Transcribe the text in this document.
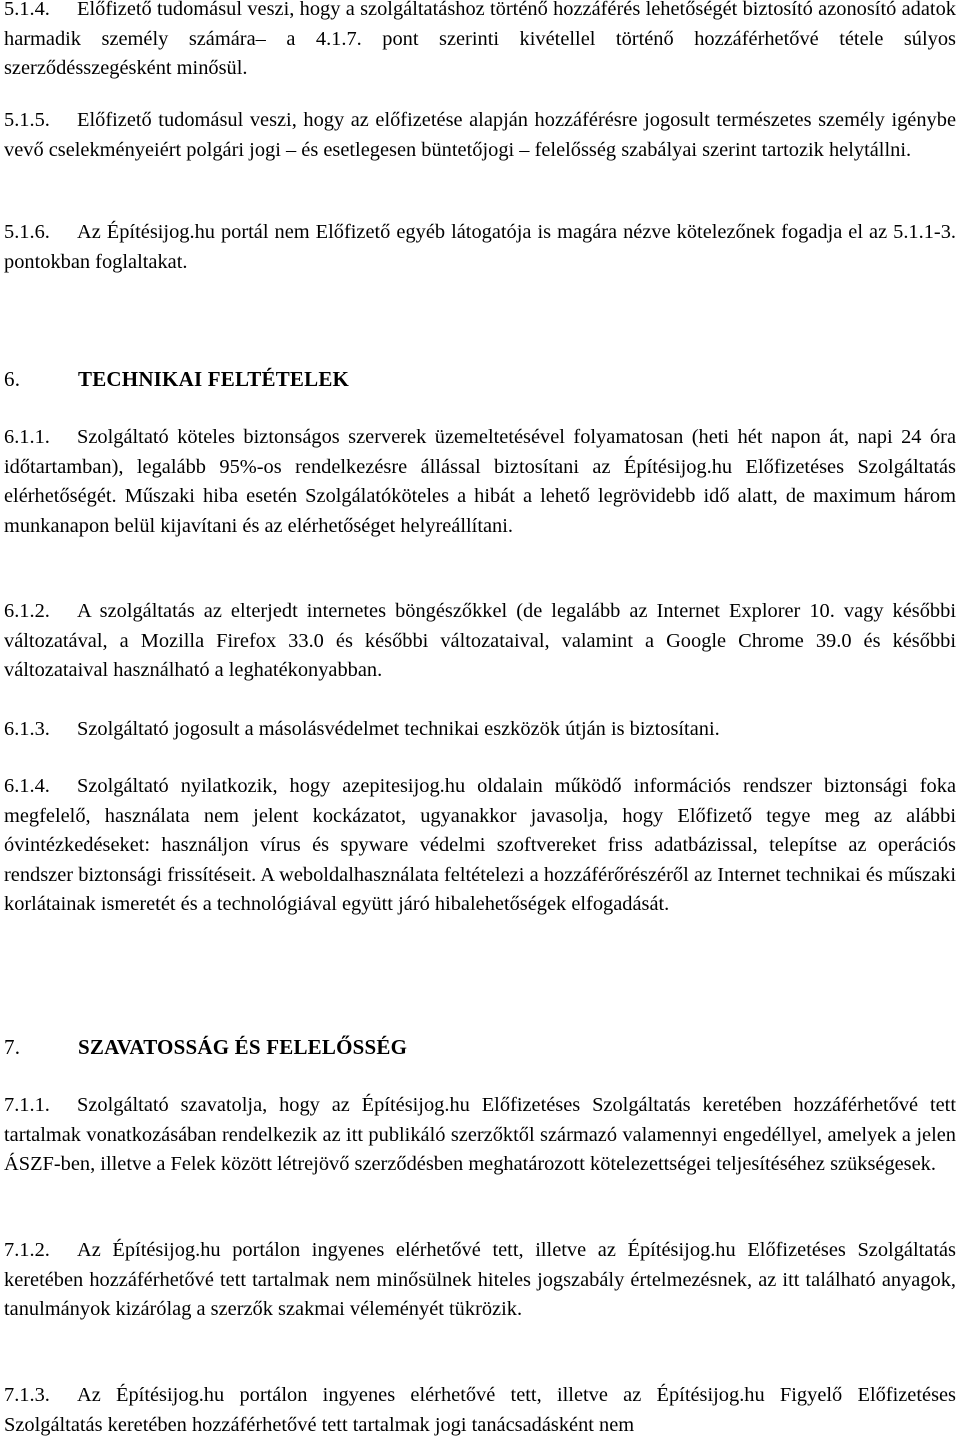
5.1.4. Előfizető tudomásul veszi, hogy a szolgáltatáshoz történő hozzáférés lehetőségét biztosító azonosító adatok harmadik személy számára– a 4.1.7. pont szerinti kivétellel történő hozzáférhetővé tétele súlyos szerződésszegésként minősül.

5.1.5. Előfizető tudomásul veszi, hogy az előfizetése alapján hozzáférésre jogosult természetes személy igénybe vevő cselekményeiért polgári jogi – és esetlegesen büntetőjogi – felelősség szabályai szerint tartozik helytállni.

5.1.6. Az Építésijog.hu portál nem Előfizető egyéb látogatója is magára nézve kötelezőnek fogadja el az 5.1.1-3. pontokban foglaltakat.

6.	TECHNIKAI FELTÉTELEK

6.1.1. Szolgáltató köteles biztonságos szerverek üzemeltetésével folyamatosan (heti hét napon át, napi 24 óra időtartamban), legalább 95%-os rendelkezésre állással biztosítani az Építésijog.hu Előfizetéses Szolgáltatás elérhetőségét. Műszaki hiba esetén Szolgálatóköteles a hibát a lehető legrövidebb idő alatt, de maximum három munkanapon belül kijavítani és az elérhetőséget helyreállítani.

6.1.2. A szolgáltatás az elterjedt internetes böngészőkkel (de legalább az Internet Explorer 10. vagy későbbi változatával, a Mozilla Firefox 33.0 és későbbi változataival, valamint a Google Chrome 39.0 és későbbi változataival használható a leghatékonyabban.

6.1.3. Szolgáltató jogosult a másolásvédelmet technikai eszközök útján is biztosítani.

6.1.4. Szolgáltató nyilatkozik, hogy azepitesijog.hu oldalain működő információs rendszer biztonsági foka megfelelő, használata nem jelent kockázatot, ugyanakkor javasolja, hogy Előfizető tegye meg az alábbi óvintézkedéseket: használjon vírus és spyware védelmi szoftvereket friss adatbázissal, telepítse az operációs rendszer biztonsági frissítéseit. A weboldalhasználata feltételezi a hozzáférőrészéről az Internet technikai és műszaki korlátainak ismeretét és a technológiával együtt járó hibalehetőségek elfogadását.

7.	SZAVATOSSÁG ÉS FELELŐSSÉG

7.1.1. Szolgáltató szavatolja, hogy az Építésijog.hu Előfizetéses Szolgáltatás keretében hozzáférhetővé tett tartalmak vonatkozásában rendelkezik az itt publikáló szerzőktől származó valamennyi engedéllyel, amelyek a jelen ÁSZF-ben, illetve a Felek között létrejövő szerződésben meghatározott kötelezettségei teljesítéséhez szükségesek.

7.1.2. Az Építésijog.hu portálon ingyenes elérhetővé tett, illetve az Építésijog.hu Előfizetéses Szolgáltatás keretében hozzáférhetővé tett tartalmak nem minősülnek hiteles jogszabály értelmezésnek, az itt található anyagok, tanulmányok kizárólag a szerzők szakmai véleményét tükrözik.

7.1.3. Az Építésijog.hu portálon ingyenes elérhetővé tett, illetve az Építésijog.hu Figyelő Előfizetéses Szolgáltatás keretében hozzáférhetővé tett tartalmak jogi tanácsadásként nem
